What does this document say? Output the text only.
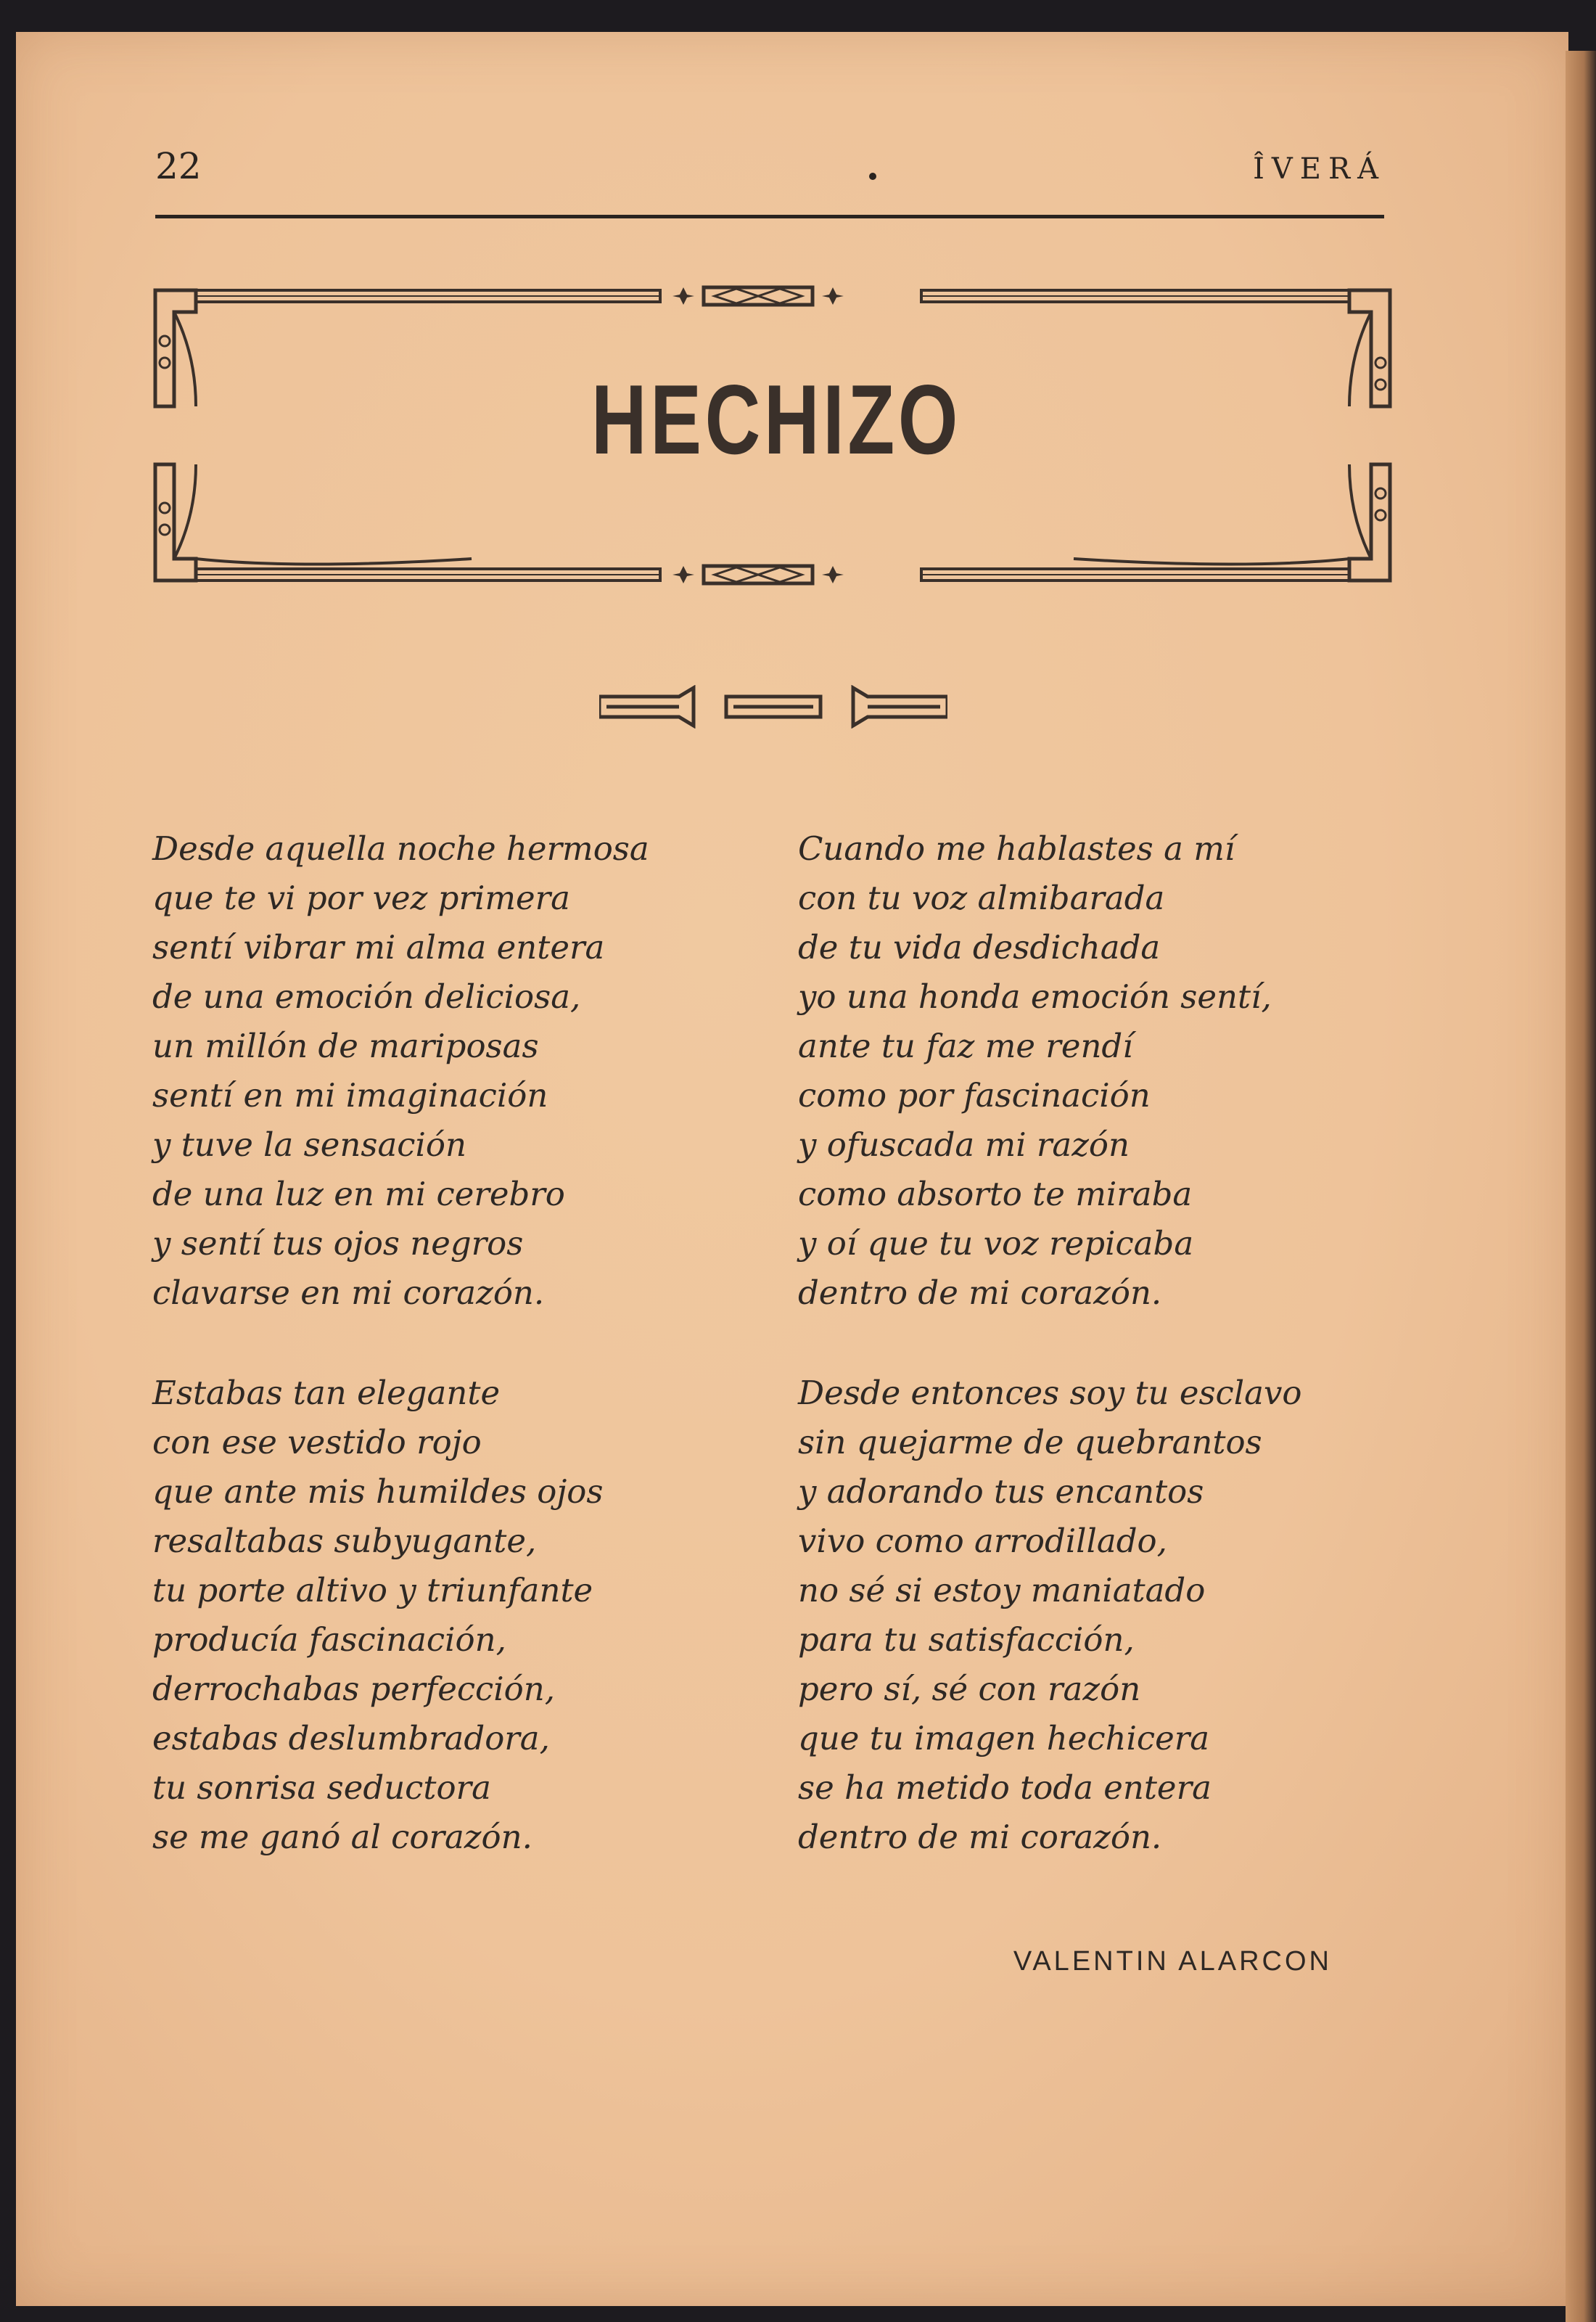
22	ÎVERÁ
HECHIZO
Desde aquella noche hermosa
que te vi por vez primera
sentí vibrar mi alma entera
de una emoción deliciosa,
un millón de mariposas
sentí en mi imaginación
y tuve la sensación
de una luz en mi cerebro
y sentí tus ojos negros
clavarse en mi corazón.
Cuando me hablastes a mí
con tu voz almibarada
de tu vida desdichada
yo una honda emoción sentí,
ante tu faz me rendí
como por fascinación
y ofuscada mi razón
como absorto te miraba
y oí que tu voz repicaba
dentro de mi corazón.
Estabas tan elegante
con ese vestido rojo
que ante mis humildes ojos
resaltabas subyugante,
tu porte altivo y triunfante
producía fascinación,
derrochabas perfección,
estabas deslumbradora,
tu sonrisa seductora
se me ganó al corazón.
Desde entonces soy tu esclavo
sin quejarme de quebrantos
y adorando tus encantos
vivo como arrodillado,
no sé si estoy maniatado
para tu satisfacción,
pero sí, sé con razón
que tu imagen hechicera
se ha metido toda entera
dentro de mi corazón.
VALENTIN ALARCON
